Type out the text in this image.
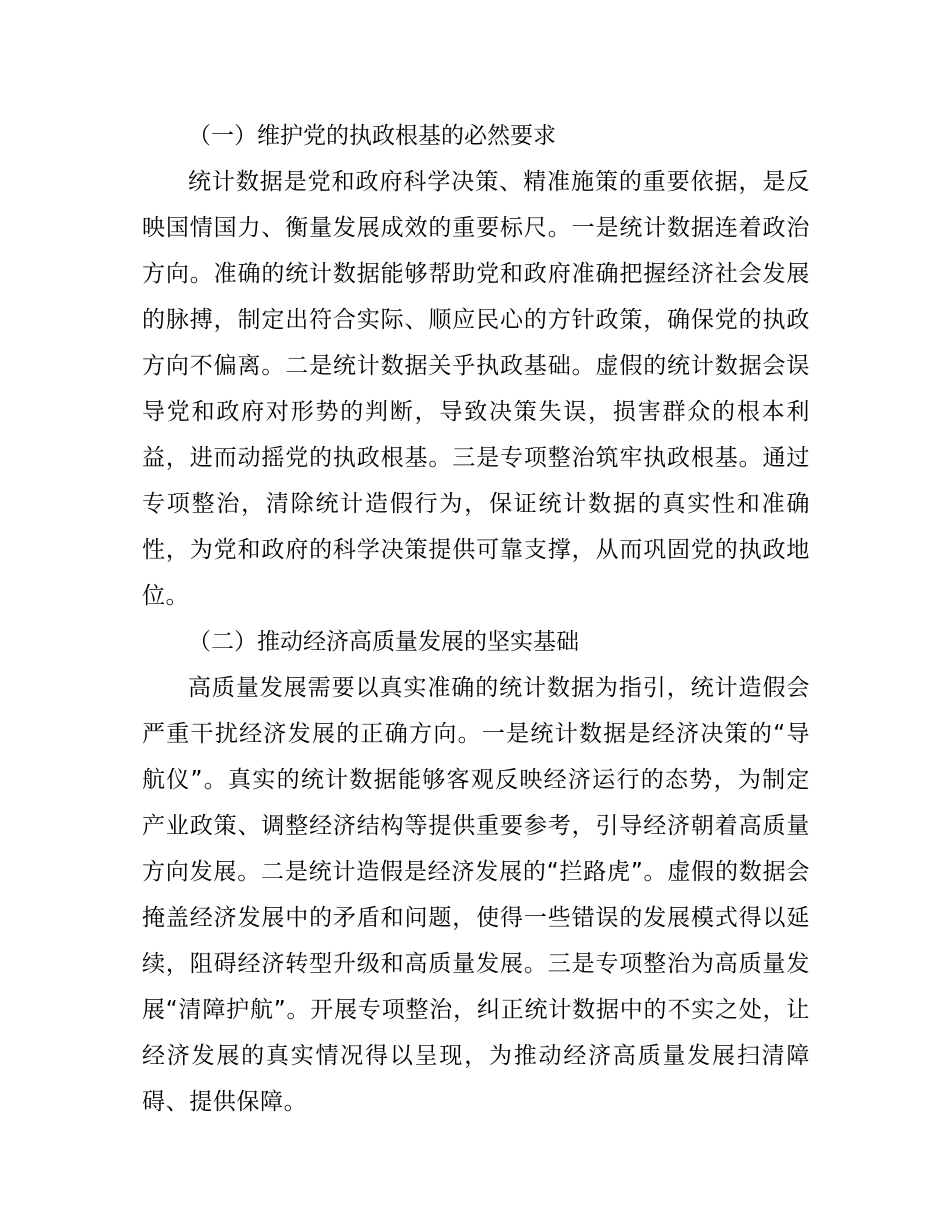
（一）维护党的执政根基的必然要求

统计数据是党和政府科学决策、精准施策的重要依据，是反映国情国力、衡量发展成效的重要标尺。一是统计数据连着政治方向。准确的统计数据能够帮助党和政府准确把握经济社会发展的脉搏，制定出符合实际、顺应民心的方针政策，确保党的执政方向不偏离。二是统计数据关乎执政基础。虚假的统计数据会误导党和政府对形势的判断，导致决策失误，损害群众的根本利益，进而动摇党的执政根基。三是专项整治筑牢执政根基。通过专项整治，清除统计造假行为，保证统计数据的真实性和准确性，为党和政府的科学决策提供可靠支撑，从而巩固党的执政地位。

（二）推动经济高质量发展的坚实基础

高质量发展需要以真实准确的统计数据为指引，统计造假会严重干扰经济发展的正确方向。一是统计数据是经济决策的“导航仪”。真实的统计数据能够客观反映经济运行的态势，为制定产业政策、调整经济结构等提供重要参考，引导经济朝着高质量方向发展。二是统计造假是经济发展的“拦路虎”。虚假的数据会掩盖经济发展中的矛盾和问题，使得一些错误的发展模式得以延续，阻碍经济转型升级和高质量发展。三是专项整治为高质量发展“清障护航”。开展专项整治，纠正统计数据中的不实之处，让经济发展的真实情况得以呈现，为推动经济高质量发展扫清障碍、提供保障。
